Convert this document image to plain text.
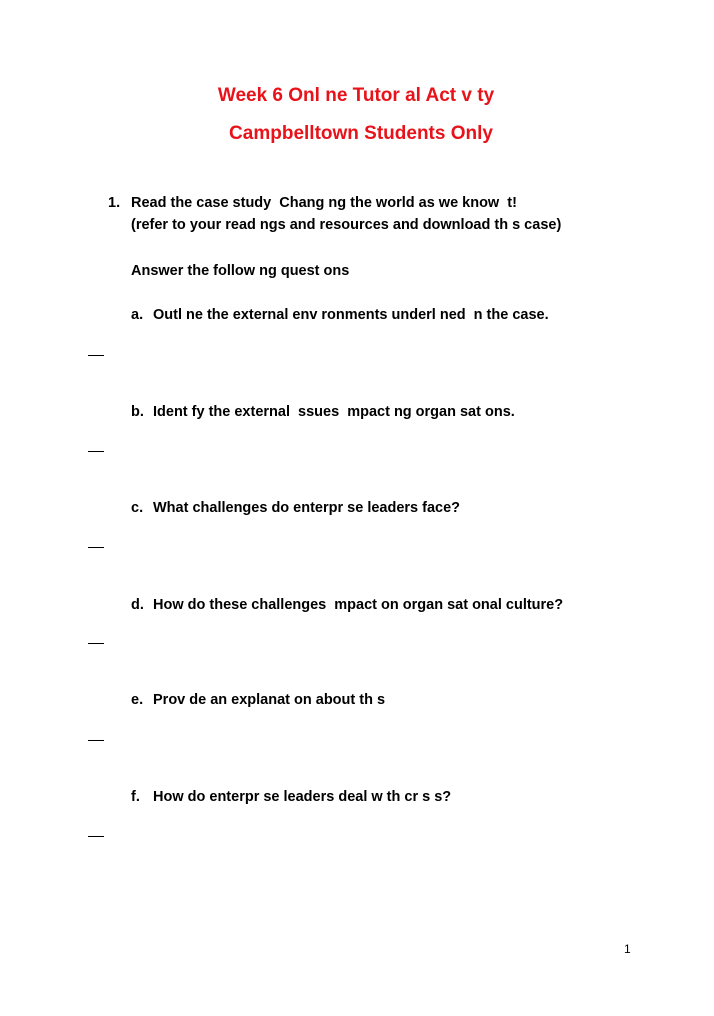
Week 6 Onl ne Tutor al Act v ty
Campbelltown Students Only
1. Read the case study  Chang ng the world as we know  t!
(refer to your read ngs and resources and download th s case)
Answer the follow ng quest ons
a. Outl ne the external env ronments underl ned  n the case.
b. Ident fy the external  ssues  mpact ng organ sat ons.
c. What challenges do enterpr se leaders face?
d. How do these challenges  mpact on organ sat onal culture?
e. Prov de an explanat on about th s
f. How do enterpr se leaders deal w th cr s s?
1
